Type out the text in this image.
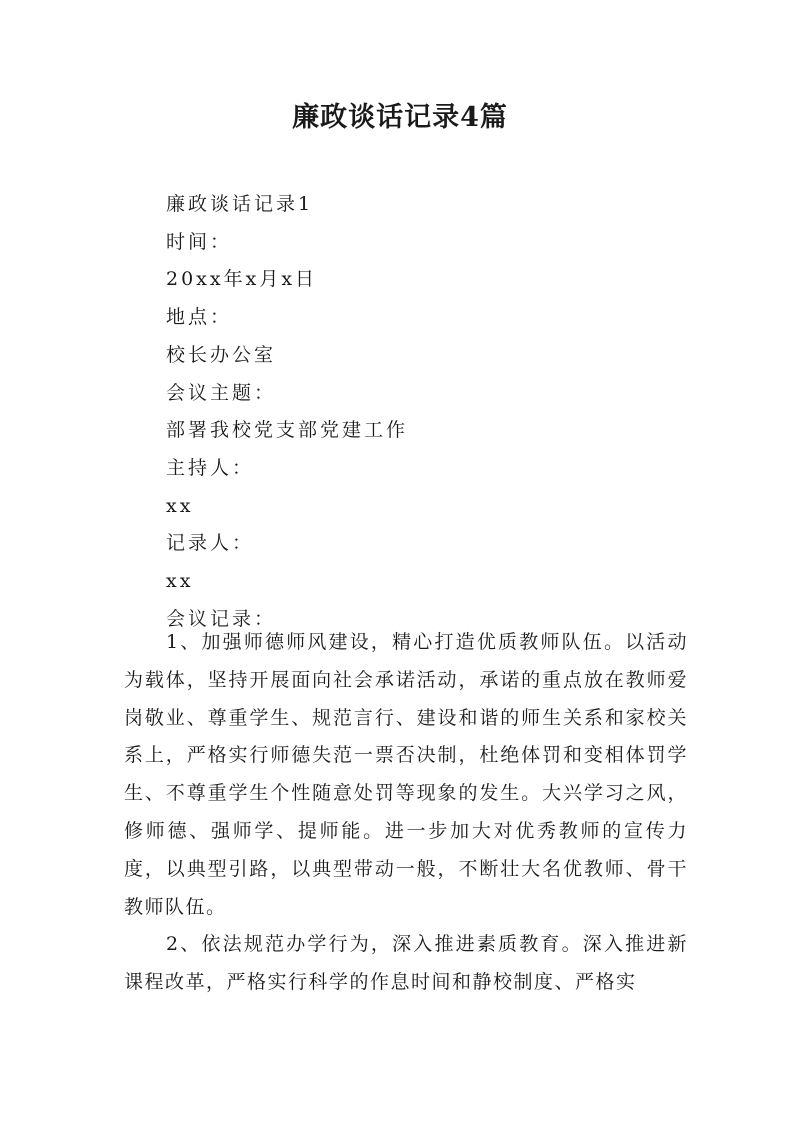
廉政谈话记录4篇
廉政谈话记录1
时间：
20xx年x月x日
地点：
校长办公室
会议主题：
部署我校党支部党建工作
主持人：
xx
记录人：
xx
会议记录：

1、加强师德师风建设，精心打造优质教师队伍。以活动为载体，坚持开展面向社会承诺活动，承诺的重点放在教师爱岗敬业、尊重学生、规范言行、建设和谐的师生关系和家校关系上，严格实行师德失范一票否决制，杜绝体罚和变相体罚学生、不尊重学生个性随意处罚等现象的发生。大兴学习之风，修师德、强师学、提师能。进一步加大对优秀教师的宣传力度，以典型引路，以典型带动一般，不断壮大名优教师、骨干教师队伍。

2、依法规范办学行为，深入推进素质教育。深入推进新课程改革，严格实行科学的作息时间和静校制度、严格实
